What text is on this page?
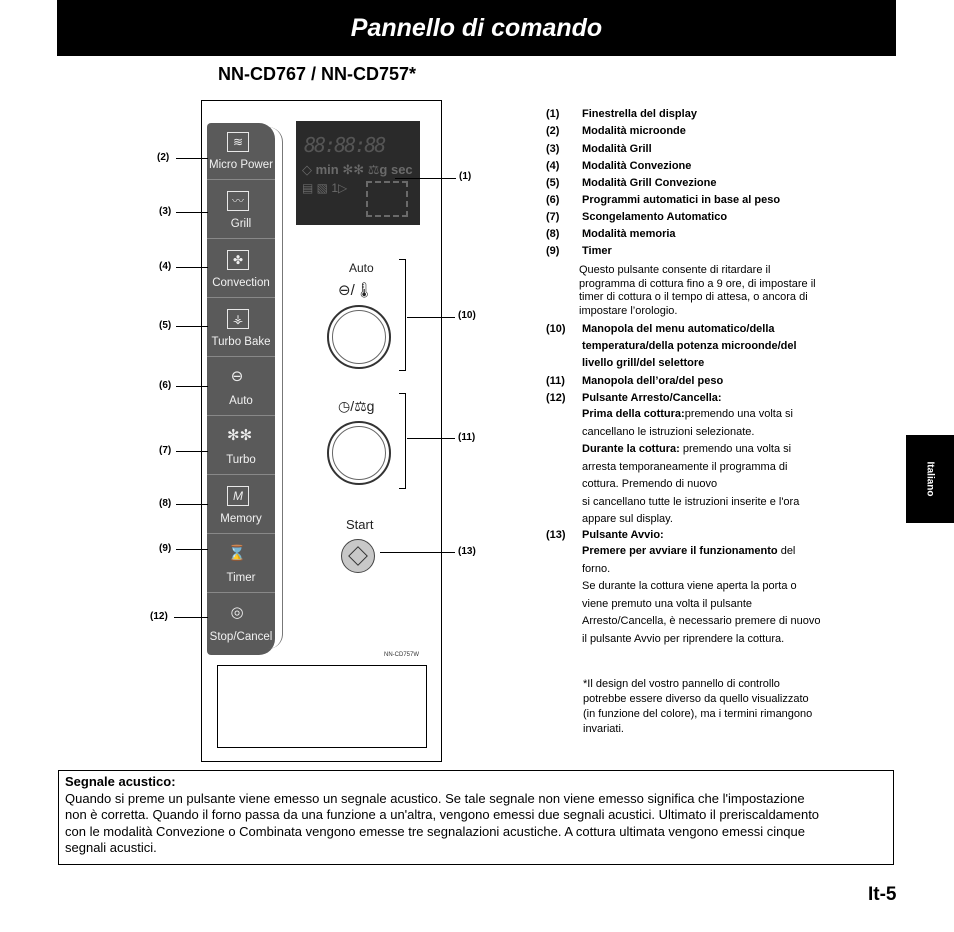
Pannello di comando
NN-CD767 / NN-CD757*
Italiano
It-5
≋
Micro Power
〰
Grill
✤
Convection
⚶
Turbo Bake
⊖
Auto
✻✻
Turbo
M
Memory
⌛
Timer
◎
Stop/Cancel
88:88:88
◇ min ✻✻ ⚖g sec
▤ ▧ 1▷
Auto
⊖/🌡
◷/⚖g
Start
NN-CD757W
(2)
(3)
(4)
(5)
(6)
(7)
(8)
(9)
(12)
(1)
(10)
(11)
(13)
(1) Finestrella del display
(2) Modalità microonde
(3) Modalità Grill
(4) Modalità Convezione
(5) Modalità Grill Convezione
(6) Programmi automatici in base al peso
(7) Scongelamento Automatico
(8) Modalità memoria
(9) Timer
Questo pulsante consente di ritardare il
programma di cottura fino a 9 ore, di impostare il
timer di cottura o il tempo di attesa, o ancora di
impostare l’orologio.
(10) Manopola del menu automatico/della
temperatura/della potenza microonde/del
livello grill/del selettore
(11) Manopola dell’ora/del peso
(12) Pulsante Arresto/Cancella:
Prima della cottura:premendo una volta si
cancellano le istruzioni selezionate.
Durante la cottura: premendo una volta si
arresta temporaneamente il programma di
cottura. Premendo di nuovo
si cancellano tutte le istruzioni inserite e l'ora
appare sul display.
(13) Pulsante Avvio:
Premere per avviare il funzionamento del
forno.
Se durante la cottura viene aperta la porta o
viene premuto una volta il pulsante
Arresto/Cancella, è necessario premere di nuovo
il pulsante Avvio per riprendere la cottura.
*Il design del vostro pannello di controllo
potrebbe essere diverso da quello visualizzato
(in funzione del colore), ma i termini rimangono
invariati.
Segnale acustico:
Quando si preme un pulsante viene emesso un segnale acustico. Se tale segnale non viene emesso significa che l'impostazione
non è corretta. Quando il forno passa da una funzione a un'altra, vengono emessi due segnali acustici. Ultimato il preriscaldamento
con le modalità Convezione o Combinata vengono emesse tre segnalazioni acustiche. A cottura ultimata vengono emessi cinque
segnali acustici.
